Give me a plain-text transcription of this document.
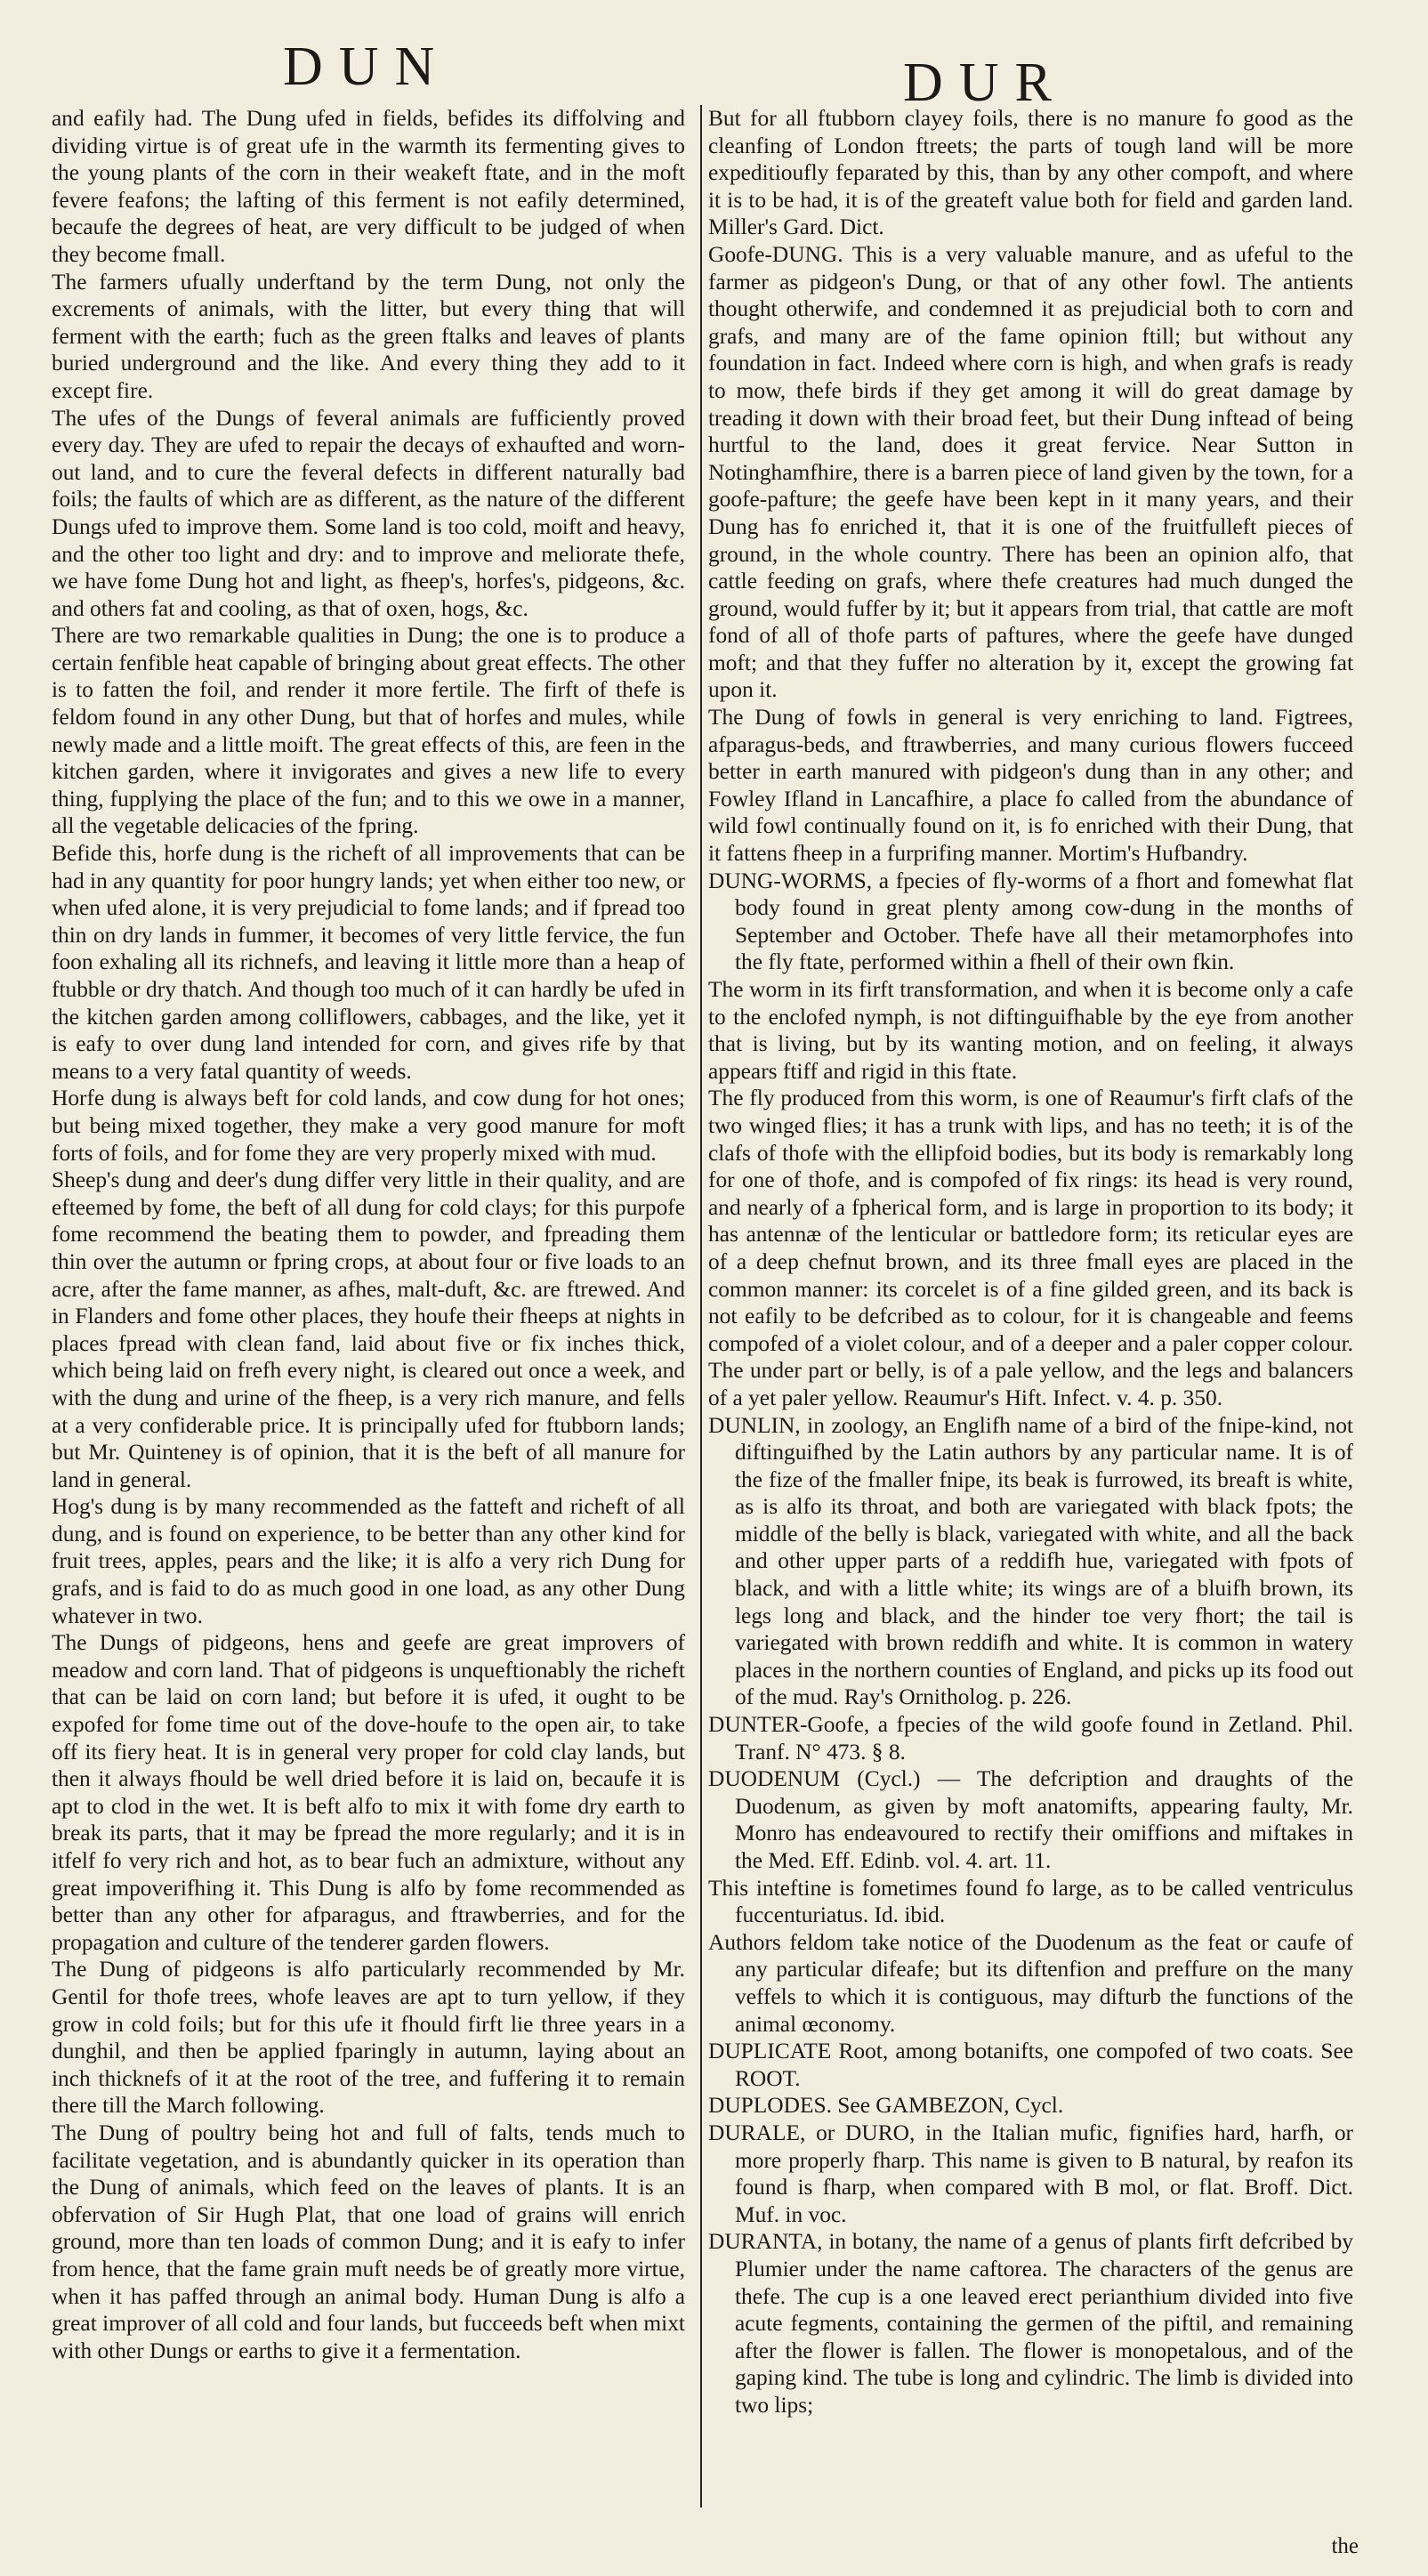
DUN	DUR

and eafily had. The Dung ufed in fields, befides its diffolving and dividing virtue is of great ufe in the warmth its fermenting gives to the young plants of the corn in their weakeft ftate, and in the moft fevere feafons; the lafting of this ferment is not eafily determined, becaufe the degrees of heat, are very difficult to be judged of when they become fmall.

The farmers ufually underftand by the term Dung, not only the excrements of animals, with the litter, but every thing that will ferment with the earth; fuch as the green ftalks and leaves of plants buried underground and the like. And every thing they add to it except fire.

The ufes of the Dungs of feveral animals are fufficiently proved every day. They are ufed to repair the decays of exhaufted and worn-out land, and to cure the feveral defects in different naturally bad foils; the faults of which are as different, as the nature of the different Dungs ufed to improve them. Some land is too cold, moift and heavy, and the other too light and dry: and to improve and meliorate thefe, we have fome Dung hot and light, as fheep's, horfes's, pidgeons, &c. and others fat and cooling, as that of oxen, hogs, &c.

There are two remarkable qualities in Dung; the one is to produce a certain fenfible heat capable of bringing about great effects. The other is to fatten the foil, and render it more fertile. The firft of thefe is feldom found in any other Dung, but that of horfes and mules, while newly made and a little moift. The great effects of this, are feen in the kitchen garden, where it invigorates and gives a new life to every thing, fupplying the place of the fun; and to this we owe in a manner, all the vegetable delicacies of the fpring.

Befide this, horfe dung is the richeft of all improvements that can be had in any quantity for poor hungry lands; yet when either too new, or when ufed alone, it is very prejudicial to fome lands; and if fpread too thin on dry lands in fummer, it becomes of very little fervice, the fun foon exhaling all its richnefs, and leaving it little more than a heap of ftubble or dry thatch. And though too much of it can hardly be ufed in the kitchen garden among colliflowers, cabbages, and the like, yet it is eafy to over dung land intended for corn, and gives rife by that means to a very fatal quantity of weeds.

Horfe dung is always beft for cold lands, and cow dung for hot ones; but being mixed together, they make a very good manure for moft forts of foils, and for fome they are very properly mixed with mud.

Sheep's dung and deer's dung differ very little in their quality, and are efteemed by fome, the beft of all dung for cold clays; for this purpofe fome recommend the beating them to powder, and fpreading them thin over the autumn or fpring crops, at about four or five loads to an acre, after the fame manner, as afhes, malt-duft, &c. are ftrewed. And in Flanders and fome other places, they houfe their fheeps at nights in places fpread with clean fand, laid about five or fix inches thick, which being laid on frefh every night, is cleared out once a week, and with the dung and urine of the fheep, is a very rich manure, and fells at a very confiderable price. It is principally ufed for ftubborn lands; but Mr. Quinteney is of opinion, that it is the beft of all manure for land in general.

Hog's dung is by many recommended as the fatteft and richeft of all dung, and is found on experience, to be better than any other kind for fruit trees, apples, pears and the like; it is alfo a very rich Dung for grafs, and is faid to do as much good in one load, as any other Dung whatever in two.

The Dungs of pidgeons, hens and geefe are great improvers of meadow and corn land. That of pidgeons is unqueftionably the richeft that can be laid on corn land; but before it is ufed, it ought to be expofed for fome time out of the dove-houfe to the open air, to take off its fiery heat. It is in general very proper for cold clay lands, but then it always fhould be well dried before it is laid on, becaufe it is apt to clod in the wet. It is beft alfo to mix it with fome dry earth to break its parts, that it may be fpread the more regularly; and it is in itfelf fo very rich and hot, as to bear fuch an admixture, without any great impoverifhing it. This Dung is alfo by fome recommended as better than any other for afparagus, and ftrawberries, and for the propagation and culture of the tenderer garden flowers.

The Dung of pidgeons is alfo particularly recommended by Mr. Gentil for thofe trees, whofe leaves are apt to turn yellow, if they grow in cold foils; but for this ufe it fhould firft lie three years in a dunghil, and then be applied fparingly in autumn, laying about an inch thicknefs of it at the root of the tree, and fuffering it to remain there till the March following.

The Dung of poultry being hot and full of falts, tends much to facilitate vegetation, and is abundantly quicker in its operation than the Dung of animals, which feed on the leaves of plants. It is an obfervation of Sir Hugh Plat, that one load of grains will enrich ground, more than ten loads of common Dung; and it is eafy to infer from hence, that the fame grain muft needs be of greatly more virtue, when it has paffed through an animal body. Human Dung is alfo a great improver of all cold and four lands, but fucceeds beft when mixt with other Dungs or earths to give it a fermentation.

But for all ftubborn clayey foils, there is no manure fo good as the cleanfing of London ftreets; the parts of tough land will be more expeditioufly feparated by this, than by any other compoft, and where it is to be had, it is of the greateft value both for field and garden land. Miller's Gard. Dict.

Goofe-DUNG. This is a very valuable manure, and as ufeful to the farmer as pidgeon's Dung, or that of any other fowl. The antients thought otherwife, and condemned it as prejudicial both to corn and grafs, and many are of the fame opinion ftill; but without any foundation in fact. Indeed where corn is high, and when grafs is ready to mow, thefe birds if they get among it will do great damage by treading it down with their broad feet, but their Dung inftead of being hurtful to the land, does it great fervice. Near Sutton in Notinghamfhire, there is a barren piece of land given by the town, for a goofe-pafture; the geefe have been kept in it many years, and their Dung has fo enriched it, that it is one of the fruitfulleft pieces of ground, in the whole country. There has been an opinion alfo, that cattle feeding on grafs, where thefe creatures had much dunged the ground, would fuffer by it; but it appears from trial, that cattle are moft fond of all of thofe parts of paftures, where the geefe have dunged moft; and that they fuffer no alteration by it, except the growing fat upon it.

The Dung of fowls in general is very enriching to land. Figtrees, afparagus-beds, and ftrawberries, and many curious flowers fucceed better in earth manured with pidgeon's dung than in any other; and Fowley Ifland in Lancafhire, a place fo called from the abundance of wild fowl continually found on it, is fo enriched with their Dung, that it fattens fheep in a furprifing manner. Mortim's Hufbandry.

DUNG-WORMS, a fpecies of fly-worms of a fhort and fomewhat flat body found in great plenty among cow-dung in the months of September and October. Thefe have all their metamorphofes into the fly ftate, performed within a fhell of their own fkin.

The worm in its firft transformation, and when it is become only a cafe to the enclofed nymph, is not diftinguifhable by the eye from another that is living, but by its wanting motion, and on feeling, it always appears ftiff and rigid in this ftate.

The fly produced from this worm, is one of Reaumur's firft clafs of the two winged flies; it has a trunk with lips, and has no teeth; it is of the clafs of thofe with the ellipfoid bodies, but its body is remarkably long for one of thofe, and is compofed of fix rings: its head is very round, and nearly of a fpherical form, and is large in proportion to its body; it has antennæ of the lenticular or battledore form; its reticular eyes are of a deep chefnut brown, and its three fmall eyes are placed in the common manner: its corcelet is of a fine gilded green, and its back is not eafily to be defcribed as to colour, for it is changeable and feems compofed of a violet colour, and of a deeper and a paler copper colour. The under part or belly, is of a pale yellow, and the legs and balancers of a yet paler yellow. Reaumur's Hift. Infect. v. 4. p. 350.

DUNLIN, in zoology, an Englifh name of a bird of the fnipe-kind, not diftinguifhed by the Latin authors by any particular name. It is of the fize of the fmaller fnipe, its beak is furrowed, its breaft is white, as is alfo its throat, and both are variegated with black fpots; the middle of the belly is black, variegated with white, and all the back and other upper parts of a reddifh hue, variegated with fpots of black, and with a little white; its wings are of a bluifh brown, its legs long and black, and the hinder toe very fhort; the tail is variegated with brown reddifh and white. It is common in watery places in the northern counties of England, and picks up its food out of the mud. Ray's Ornitholog. p. 226.

DUNTER-Goofe, a fpecies of the wild goofe found in Zetland. Phil. Tranf. N° 473. § 8.

DUODENUM (Cycl.) — The defcription and draughts of the Duodenum, as given by moft anatomifts, appearing faulty, Mr. Monro has endeavoured to rectify their omiffions and miftakes in the Med. Eff. Edinb. vol. 4. art. 11.

This inteftine is fometimes found fo large, as to be called ventriculus fuccenturiatus. Id. ibid.

Authors feldom take notice of the Duodenum as the feat or caufe of any particular difeafe; but its diftenfion and preffure on the many veffels to which it is contiguous, may difturb the functions of the animal œconomy.

DUPLICATE Root, among botanifts, one compofed of two coats. See ROOT.

DUPLODES. See GAMBEZON, Cycl.

DURALE, or DURO, in the Italian mufic, fignifies hard, harfh, or more properly fharp. This name is given to B natural, by reafon its found is fharp, when compared with B mol, or flat. Broff. Dict. Muf. in voc.

DURANTA, in botany, the name of a genus of plants firft defcribed by Plumier under the name caftorea. The characters of the genus are thefe. The cup is a one leaved erect perianthium divided into five acute fegments, containing the germen of the piftil, and remaining after the flower is fallen. The flower is monopetalous, and of the gaping kind. The tube is long and cylindric. The limb is divided into two lips;

the
